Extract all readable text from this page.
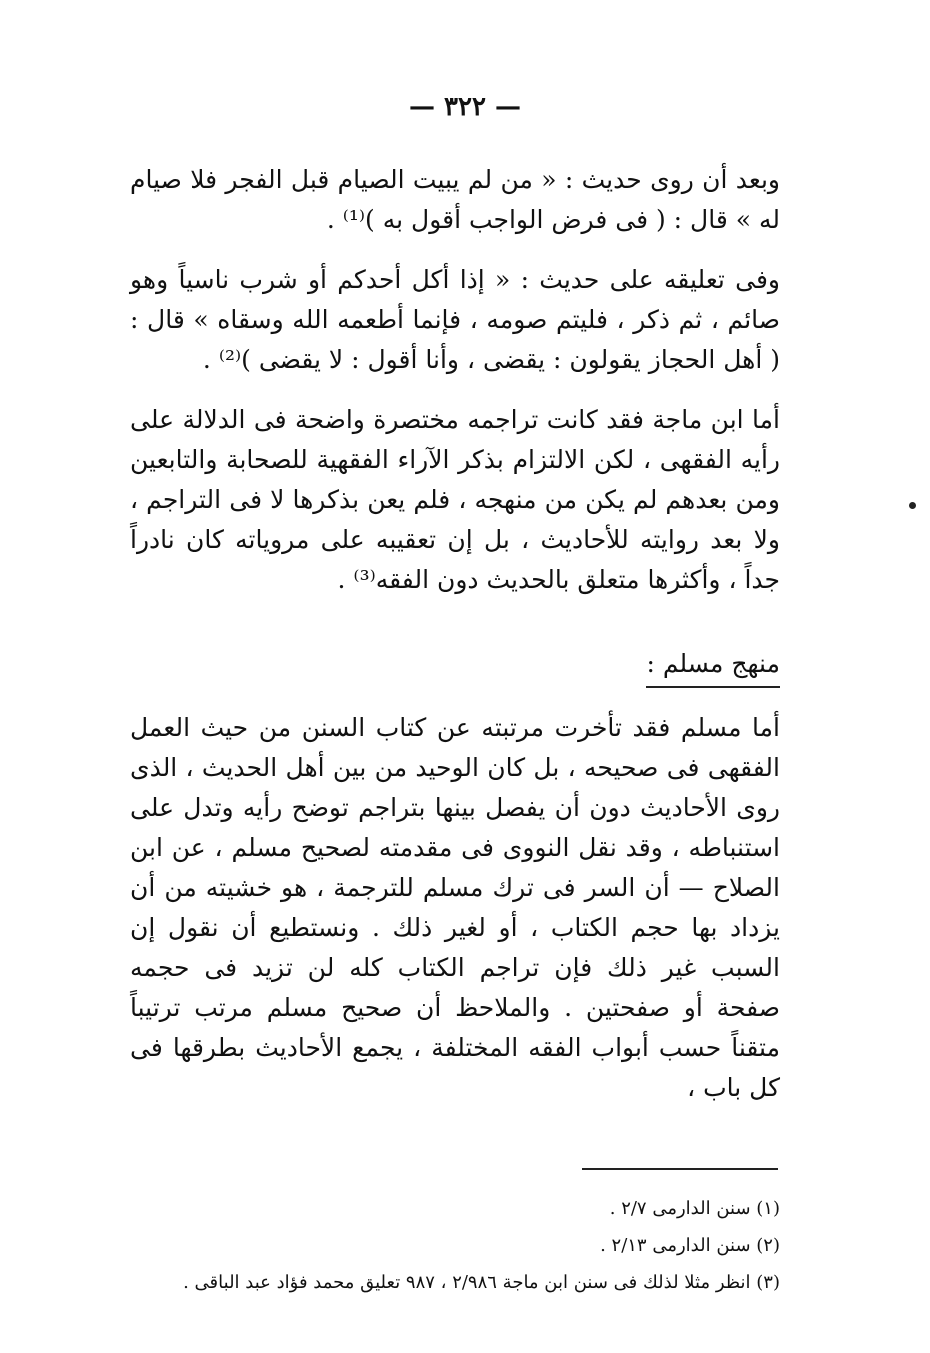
— ٣٢٢ —

وبعد أن روى حديث : « من لم يبيت الصيام قبل الفجر فلا صيام له » قال : ( فى فرض الواجب أقول به )⁽¹⁾ .

وفى تعليقه على حديث : « إذا أكل أحدكم أو شرب ناسياً وهو صائم ، ثم ذكر ، فليتم صومه ، فإنما أطعمه الله وسقاه » قال : ( أهل الحجاز يقولون : يقضى ، وأنا أقول : لا يقضى )⁽²⁾ .

أما ابن ماجة فقد كانت تراجمه مختصرة واضحة فى الدلالة على رأيه الفقهى ، لكن الالتزام بذكر الآراء الفقهية للصحابة والتابعين ومن بعدهم لم يكن من منهجه ، فلم يعن بذكرها لا فى التراجم ، ولا بعد روايته للأحاديث ، بل إن تعقيبه على مروياته كان نادراً جداً ، وأكثرها متعلق بالحديث دون الفقه⁽³⁾ .

منهج مسلم :

أما مسلم فقد تأخرت مرتبته عن كتاب السنن من حيث العمل الفقهى فى صحيحه ، بل كان الوحيد من بين أهل الحديث ، الذى روى الأحاديث دون أن يفصل بينها بتراجم توضح رأيه وتدل على استنباطه ، وقد نقل النووى فى مقدمته لصحيح مسلم ، عن ابن الصلاح — أن السر فى ترك مسلم للترجمة ، هو خشيته من أن يزداد بها حجم الكتاب ، أو لغير ذلك . ونستطيع أن نقول إن السبب غير ذلك فإن تراجم الكتاب كله لن تزيد فى حجمه صفحة أو صفحتين . والملاحظ أن صحيح مسلم مرتب ترتيباً متقناً حسب أبواب الفقه المختلفة ، يجمع الأحاديث بطرقها فى كل باب ،

(١) سنن الدارمى ٢/٧ .

(٢) سنن الدارمى ٢/١٣ .

(٣) انظر مثلا لذلك فى سنن ابن ماجة ٢/٩٨٦ ، ٩٨٧ تعليق محمد فؤاد عبد الباقى .
